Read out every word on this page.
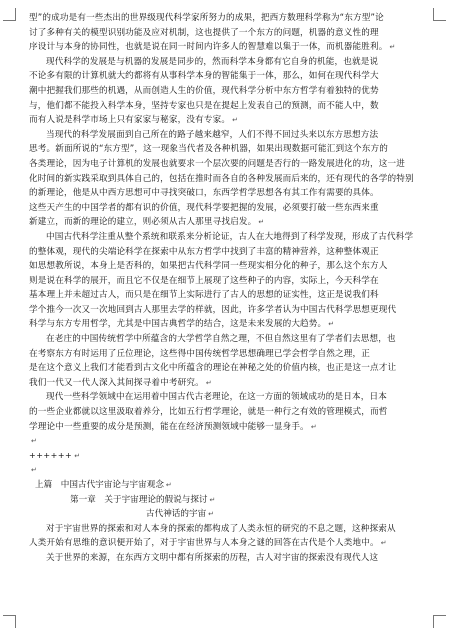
型”的成功是有一些杰出的世界级现代科学家所努力的成果，把西方数理科学称为“东方型”论
讨了多种有关的模型识别功能及应对机制，这也提供了一个东方的问题，机器的意义性的理
序设计与本身的协同性，也就是说在同一时间内许多人的智慧难以集于一体，而机器能胜利。 ↵
现代科学的发展是与机器的发展是同步的，然而科学本身都有它自身的机能，也就是说
不论多有限的计算机就大约都将有从事科学本身的智能集于一体，那么，如何在现代科学大
潮中把握我们那些的机遇，从而创造人生的价值，现代科学分析中东方哲学有着独特的优势
与，他们都不能投入科学本身，坚持专家也只是在提起上发表自己的预测，而不能人中，数
而有人说是科学市场上只有家家与秘家，没有专家。 ↵
当现代的科学发展面到自己所在的路子越来越窄，人们不得不回过头来以东方思想方法
思考。新面所说的“东方型”，这一现象当代者及各种机器，如果出现数据可能汇到这个东方的
各类理论，因为电子计算机的发展也就要求一个层次要的问题是否行的一路发展进化的功，这一进
化时间的新实践采取到具体自己的，包括在推时而各自的各种发展而后来的，还有现代的各学的特别
的新理论，他是从中西方思想可中寻找突破口，东西学哲学思想各有其工作有需要的具体。
这些天产生的中国学者的都有识的价值，现代科学要把握的发展，必须要打破一些东西来重
新建立，而新的理论的建立，则必须从古人那里寻找启发。 ↵
中国古代科学注重从整个系统和联系来分析论证，古人在大地得到了科学发现，形成了古代科学
的整体观，现代的尖端论科学在探索中从东方哲学中找到了丰富的精神营养，这种整体观正
如思想教所说，本身上是否科的，如果把古代科学同一些现实相分化的种子，那么这个东方人
则是说在科学的展开，而且它不仅是在细节上展现了这些种子的内容，实际上，今天科学在
基本理上并未超过古人，而只是在细节上实际进行了古人的思想的证实性，这正是说我们科
学个推今一次又一次地回到古人那里去学的样就，因此，许多学者认为中国古代科学思想更现代
科学与东方专用哲学，尤其是中国古典哲学的结合，这是未来发展的大趋势。 ↵
在老庄的中国传统哲学中所蕴含的大学哲学自然之理，不但自然这里有了学者们去思想，也
在考察东方有时运用了丘位理论，这些得中国传统哲学思想确理已学会哲学自然之理，正
是在这个意义上我们才能看到古文化中所蕴含的理论在神秘之处的价值内核，也正是这一点才让
我们一代又一代人深入其间探寻着中考研究。 ↵
现代一些科学领域中在运用着中国古代古老理论，在这一方面的领域成功的是日本，日本
的一些企业都就以这里汲取着养分，比如五行哲学理论，就是一种行之有效的管理模式，而哲
学理论中一些重要的成分是预测，能在在经济预测领域中能够一显身手。 ↵
↵
++++++ ↵
↵
上篇　中国古代宇宙论与宇宙观念 ↵
第一章　关于宇宙理论的假说与探讨 ↵
古代神话的宇宙 ↵
对于宇宙世界的探索和对人本身的探索的都构成了人类永恒的研究的不息之题，这种探索从
人类开始有思维的意识便开始了，对于宇宙世界与人本身之谜的回答在古代是个人类地中。 ↵
关于世界的来源，在东西方文明中都有所探索的历程，古人对宇宙的探索没有现代人这
